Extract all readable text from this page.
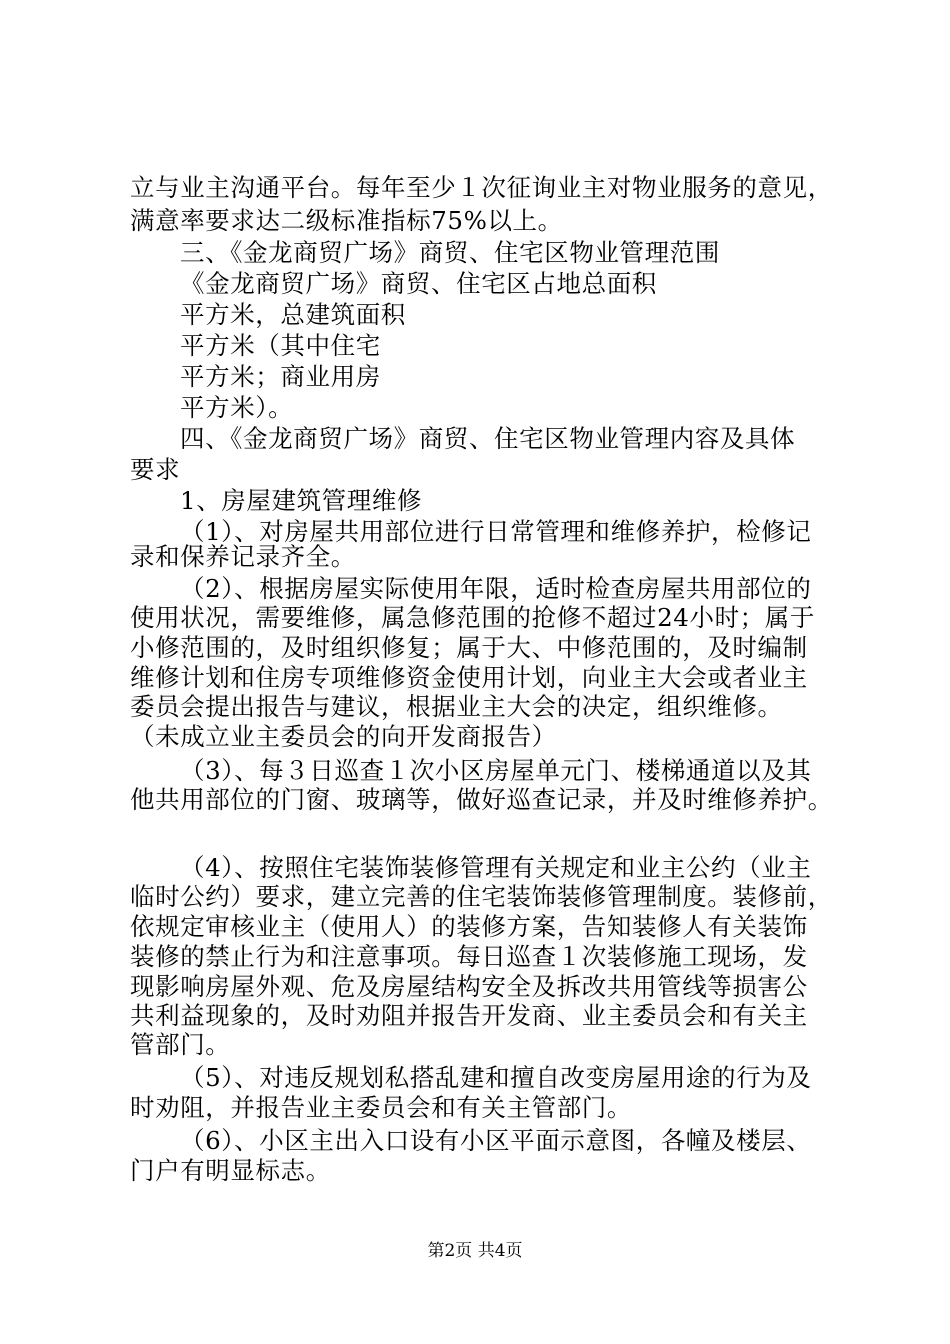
立与业主沟通平台。每年至少１次征询业主对物业服务的意见，
满意率要求达二级标准指标75%以上。
三、《金龙商贸广场》商贸、住宅区物业管理范围
《金龙商贸广场》商贸、住宅区占地总面积
平方米，总建筑面积
平方米（其中住宅
平方米；商业用房
平方米）。
四、《金龙商贸广场》商贸、住宅区物业管理内容及具体
要求
1、房屋建筑管理维修
（1）、对房屋共用部位进行日常管理和维修养护，检修记
录和保养记录齐全。
（2）、根据房屋实际使用年限，适时检查房屋共用部位的
使用状况，需要维修，属急修范围的抢修不超过24小时；属于
小修范围的，及时组织修复；属于大、中修范围的，及时编制
维修计划和住房专项维修资金使用计划，向业主大会或者业主
委员会提出报告与建议，根据业主大会的决定，组织维修。
（未成立业主委员会的向开发商报告）
（3）、每３日巡查１次小区房屋单元门、楼梯通道以及其
他共用部位的门窗、玻璃等，做好巡查记录，并及时维修养护。
（4）、按照住宅装饰装修管理有关规定和业主公约（业主
临时公约）要求，建立完善的住宅装饰装修管理制度。装修前，
依规定审核业主（使用人）的装修方案，告知装修人有关装饰
装修的禁止行为和注意事项。每日巡查１次装修施工现场，发
现影响房屋外观、危及房屋结构安全及拆改共用管线等损害公
共利益现象的，及时劝阻并报告开发商、业主委员会和有关主
管部门。
（5）、对违反规划私搭乱建和擅自改变房屋用途的行为及
时劝阻，并报告业主委员会和有关主管部门。
（6）、小区主出入口设有小区平面示意图，各幢及楼层、
门户有明显标志。
第2页 共4页
